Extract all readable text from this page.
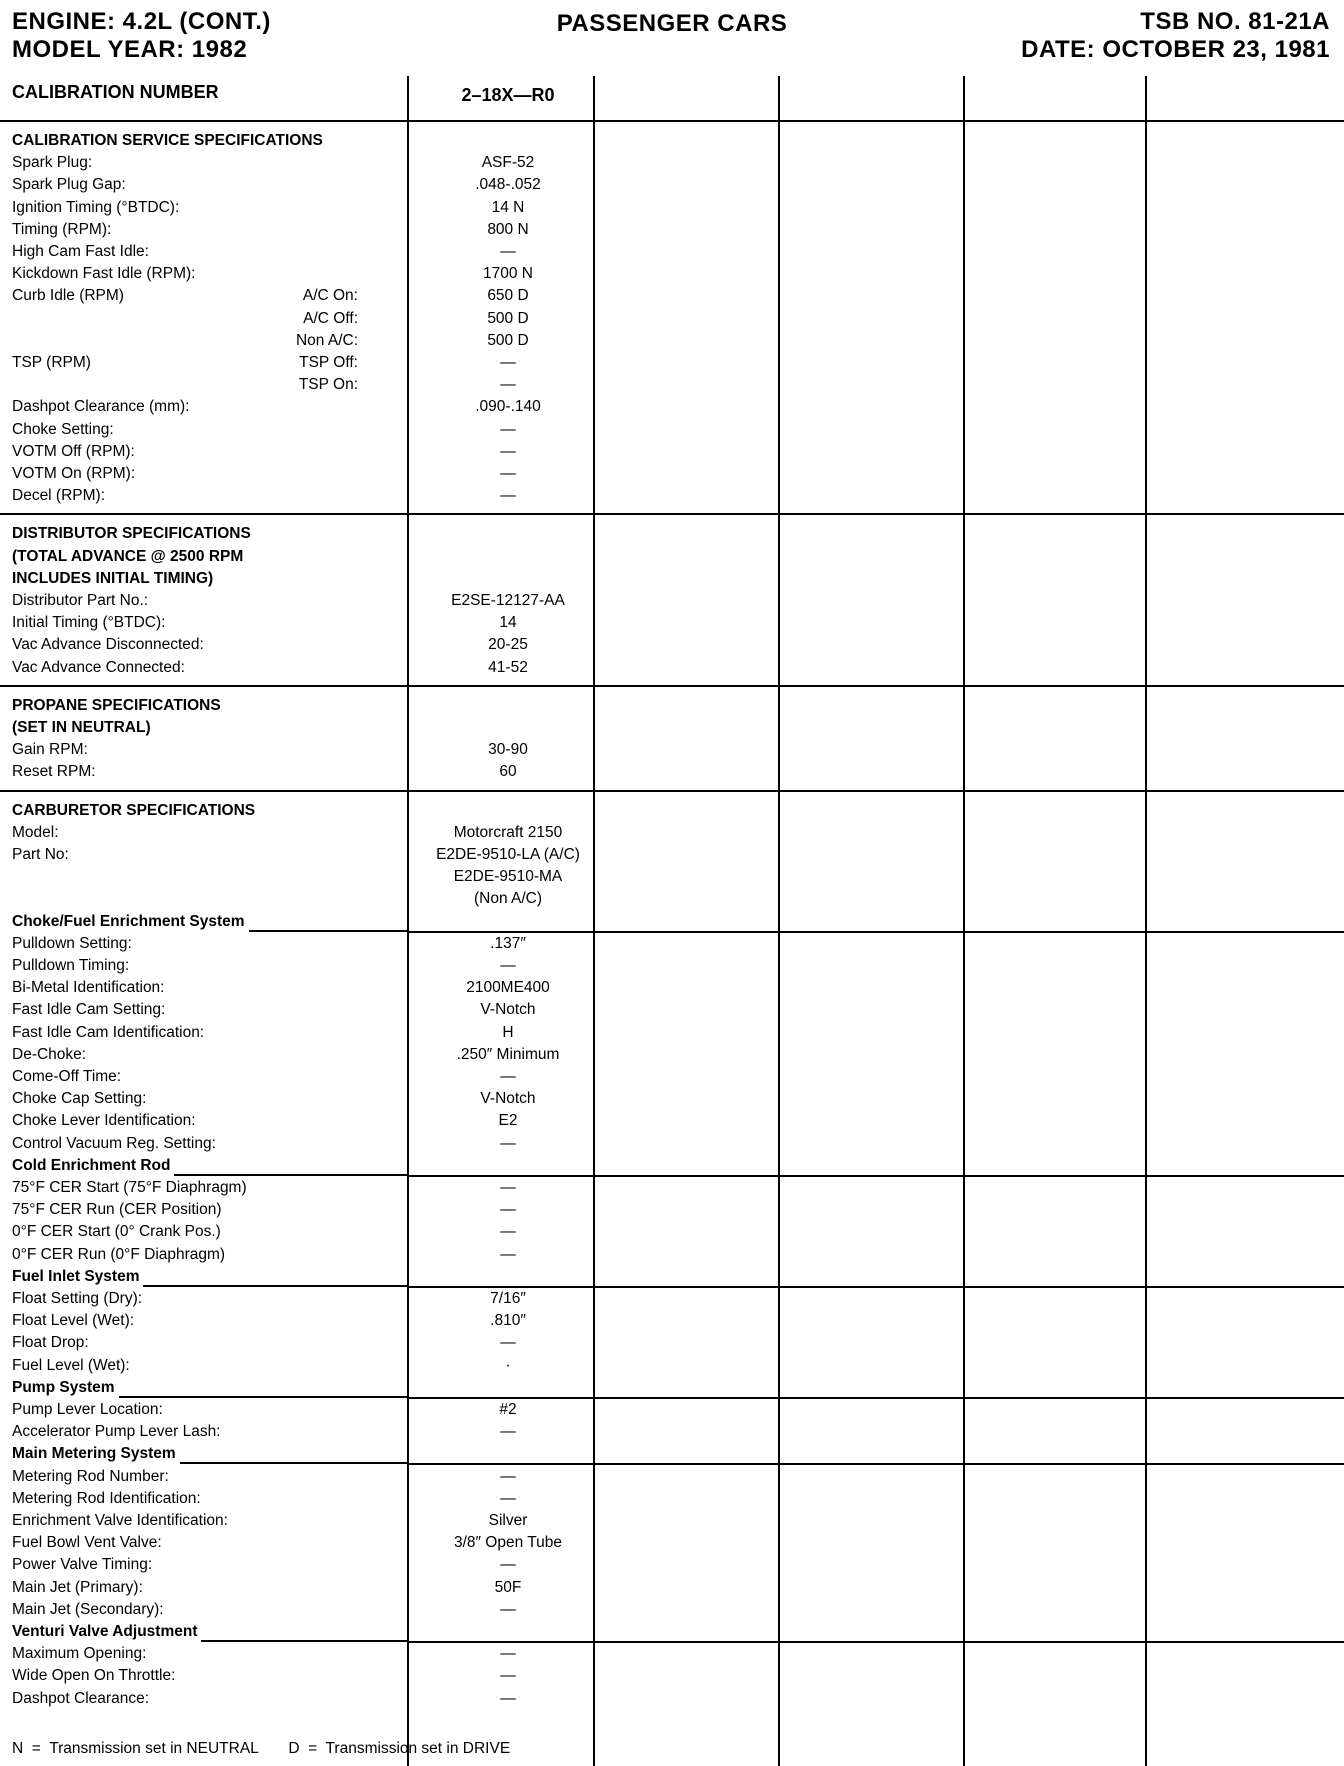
ENGINE: 4.2L (CONT.)
MODEL YEAR: 1982
PASSENGER CARS	TSB NO. 81-21A
DATE: OCTOBER 23, 1981
CALIBRATION NUMBER	2–18X—R0
CALIBRATION SERVICE SPECIFICATIONS
Spark Plug:	ASF-52
Spark Plug Gap:	.048-.052
Ignition Timing (°BTDC):	14 N
Timing (RPM):	800 N
High Cam Fast Idle:	—
Kickdown Fast Idle (RPM):	1700 N
Curb Idle (RPM)	A/C On:	650 D
A/C Off:	500 D
Non A/C:	500 D
TSP (RPM)	TSP Off:	—
TSP On:	—
Dashpot Clearance (mm):	.090-.140
Choke Setting:	—
VOTM Off (RPM):	—
VOTM On (RPM):	—
Decel (RPM):	—
DISTRIBUTOR SPECIFICATIONS
(TOTAL ADVANCE @ 2500 RPM
INCLUDES INITIAL TIMING)
Distributor Part No.:	E2SE-12127-AA
Initial Timing (°BTDC):	14
Vac Advance Disconnected:	20-25
Vac Advance Connected:	41-52
PROPANE SPECIFICATIONS
(SET IN NEUTRAL)
Gain RPM:	30-90
Reset RPM:	60
CARBURETOR SPECIFICATIONS
Model:	Motorcraft 2150
Part No:	E2DE-9510-LA (A/C)
E2DE-9510-MA
(Non A/C)
Choke/Fuel Enrichment System
Pulldown Setting:	.137″
Pulldown Timing:	—
Bi-Metal Identification:	2100ME400
Fast Idle Cam Setting:	V-Notch
Fast Idle Cam Identification:	H
De-Choke:	.250″ Minimum
Come-Off Time:	—
Choke Cap Setting:	V-Notch
Choke Lever Identification:	E2
Control Vacuum Reg. Setting:	—
Cold Enrichment Rod
75°F CER Start (75°F Diaphragm)	—
75°F CER Run (CER Position)	—
0°F CER Start (0° Crank Pos.)	—
0°F CER Run (0°F Diaphragm)	—
Fuel Inlet System
Float Setting (Dry):	7/16″
Float Level (Wet):	.810″
Float Drop:	—
Fuel Level (Wet):	·
Pump System
Pump Lever Location:	#2
Accelerator Pump Lever Lash:	—
Main Metering System
Metering Rod Number:	—
Metering Rod Identification:	—
Enrichment Valve Identification:	Silver
Fuel Bowl Vent Valve:	3/8″ Open Tube
Power Valve Timing:	—
Main Jet (Primary):	50F
Main Jet (Secondary):	—
Venturi Valve Adjustment
Maximum Opening:	—
Wide Open On Throttle:	—
Dashpot Clearance:	—
N  =  Transmission set in NEUTRAL       D  =  Transmission set in DRIVE
